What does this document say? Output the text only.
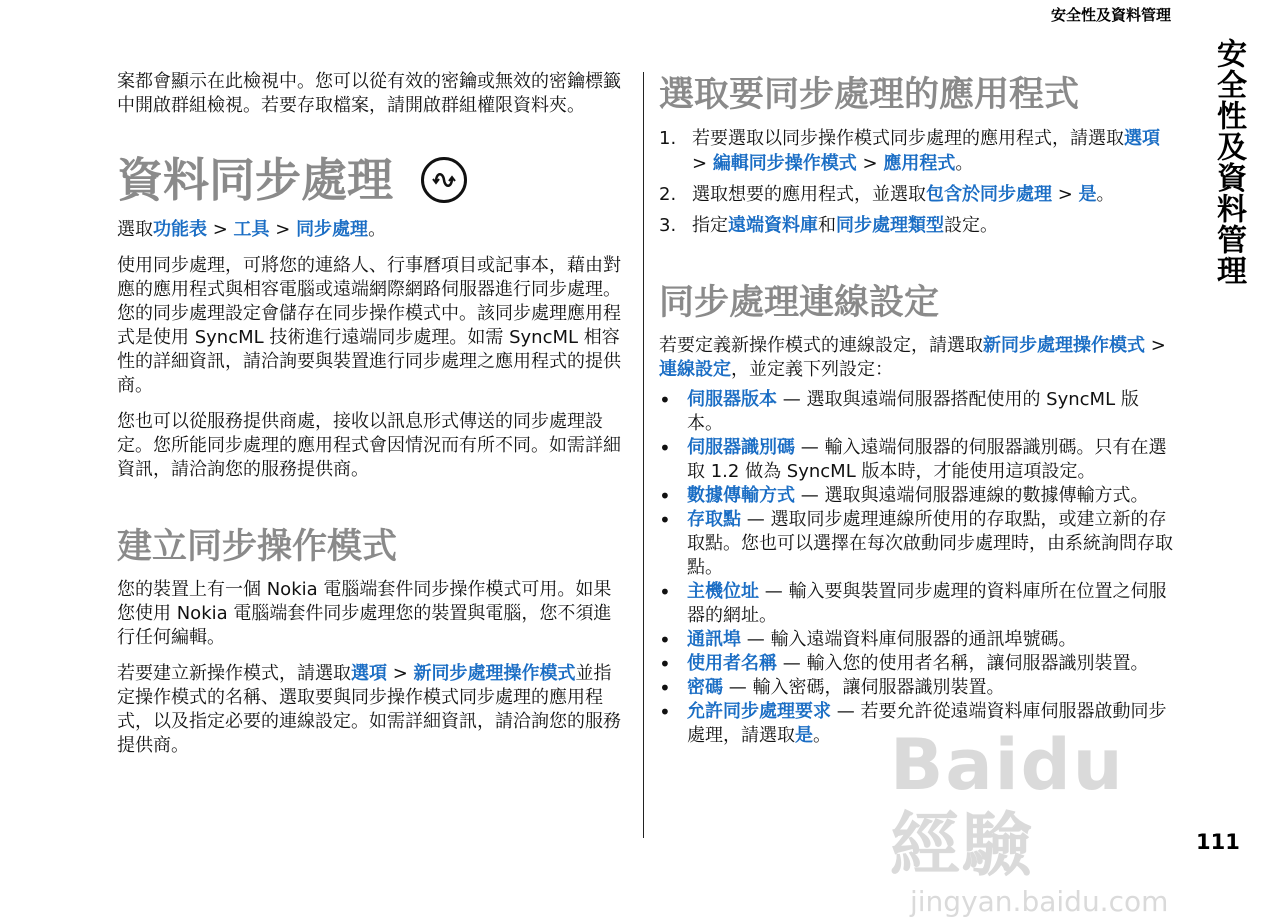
安全性及資料管理
安全性及資料管理
111

案都會顯示在此檢視中。您可以從有效的密鑰或無效的密鑰標籤中開啟群組檢視。若要存取檔案，請開啟群組權限資料夾。

資料同步處理

選取功能表 > 工具 > 同步處理。

使用同步處理，可將您的連絡人、行事曆項目或記事本，藉由對應的應用程式與相容電腦或遠端網際網路伺服器進行同步處理。您的同步處理設定會儲存在同步操作模式中。該同步處理應用程式是使用 SyncML 技術進行遠端同步處理。如需 SyncML 相容性的詳細資訊，請洽詢要與裝置進行同步處理之應用程式的提供商。

您也可以從服務提供商處，接收以訊息形式傳送的同步處理設定。您所能同步處理的應用程式會因情況而有所不同。如需詳細資訊，請洽詢您的服務提供商。

建立同步操作模式

您的裝置上有一個 Nokia 電腦端套件同步操作模式可用。如果您使用 Nokia 電腦端套件同步處理您的裝置與電腦，您不須進行任何編輯。

若要建立新操作模式，請選取選項 > 新同步處理操作模式並指定操作模式的名稱、選取要與同步操作模式同步處理的應用程式，以及指定必要的連線設定。如需詳細資訊，請洽詢您的服務提供商。

選取要同步處理的應用程式
1. 若要選取以同步操作模式同步處理的應用程式，請選取選項 > 編輯同步操作模式 > 應用程式。
2. 選取想要的應用程式，並選取包含於同步處理 > 是。
3. 指定遠端資料庫和同步處理類型設定。
同步處理連線設定

若要定義新操作模式的連線設定，請選取新同步處理操作模式 > 連線設定，並定義下列設定：

• 伺服器版本 — 選取與遠端伺服器搭配使用的 SyncML 版本。
• 伺服器識別碼 — 輸入遠端伺服器的伺服器識別碼。只有在選取 1.2 做為 SyncML 版本時，才能使用這項設定。
• 數據傳輸方式 — 選取與遠端伺服器連線的數據傳輸方式。
• 存取點 — 選取同步處理連線所使用的存取點，或建立新的存取點。您也可以選擇在每次啟動同步處理時，由系統詢問存取點。
• 主機位址 — 輸入要與裝置同步處理的資料庫所在位置之伺服器的網址。
• 通訊埠 — 輸入遠端資料庫伺服器的通訊埠號碼。
• 使用者名稱 — 輸入您的使用者名稱，讓伺服器識別裝置。
• 密碼 — 輸入密碼，讓伺服器識別裝置。
• 允許同步處理要求 — 若要允許從遠端資料庫伺服器啟動同步處理，請選取是。 Baidu 經驗
jingyan.baidu.com
